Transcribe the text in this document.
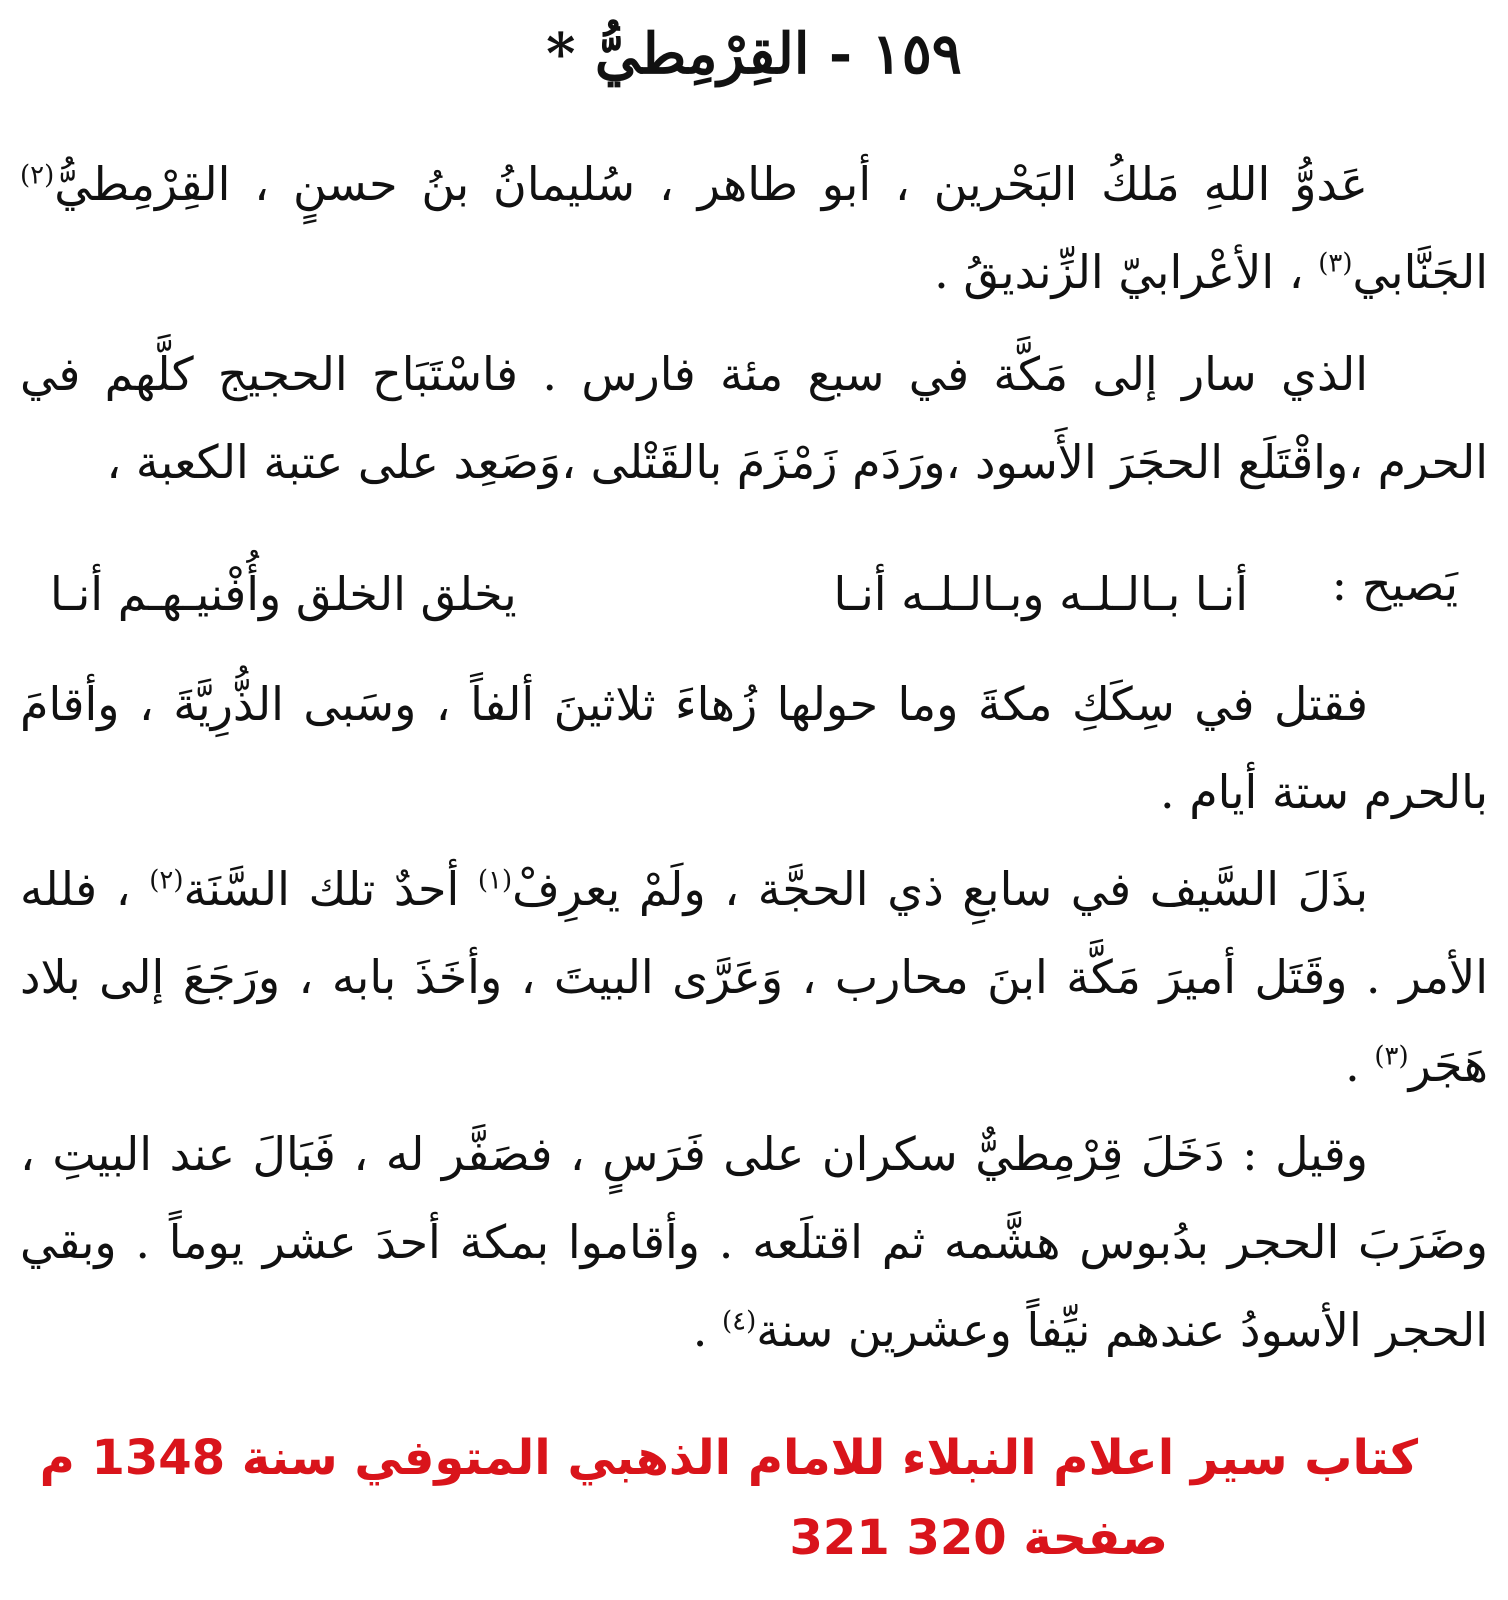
١٥٩ - القِرْمِطيُّ *

عَدوُّ اللهِ مَلكُ البَحْرين ، أبو طاهر ، سُليمانُ بنُ حسنٍ ، القِرْمِطيُّ$^{(٢)}$ الجَنَّابي$^{(٣)}$ ، الأعْرابيّ الزِّنديقُ .

الذي سار إلى مَكَّة في سبع مئة فارس . فاسْتَبَاح الحجيج كلَّهم في الحرم ،واقْتَلَع الحجَرَ الأَسود ،ورَدَم زَمْزَمَ بالقَتْلى ،وَصَعِد على عتبة الكعبة ،

يَصيح :
أنـا بـالـلـه وبـالـلـه أنـا
يخلق الخلق وأُفْنيـهـم أنـا

فقتل في سِكَكِ مكةَ وما حولها زُهاءَ ثلاثينَ ألفاً ، وسَبى الذُّرِيَّةَ ، وأقامَ بالحرم ستة أيام .

بذَلَ السَّيف في سابعِ ذي الحجَّة ، ولَمْ يعرِفْ$^{(١)}$ أحدٌ تلك السَّنَة$^{(٢)}$ ، فلله الأمر . وقَتَل أميرَ مَكَّة ابنَ محارب ، وَعَرَّى البيتَ ، وأخَذَ بابه ، ورَجَعَ إلى بلاد هَجَر$^{(٣)}$ .

وقيل : دَخَلَ قِرْمِطيٌّ سكران على فَرَسٍ ، فصَفَّر له ، فَبَالَ عند البيتِ ، وضَرَبَ الحجر بدُبوس هشَّمه ثم اقتلَعه . وأقاموا بمكة أحدَ عشر يوماً . وبقي الحجر الأسودُ عندهم نيِّفاً وعشرين سنة$^{(٤)}$ .

كتاب سير اعلام النبلاء للامام الذهبي المتوفي سنة 1348 م
صفحة 320 321
